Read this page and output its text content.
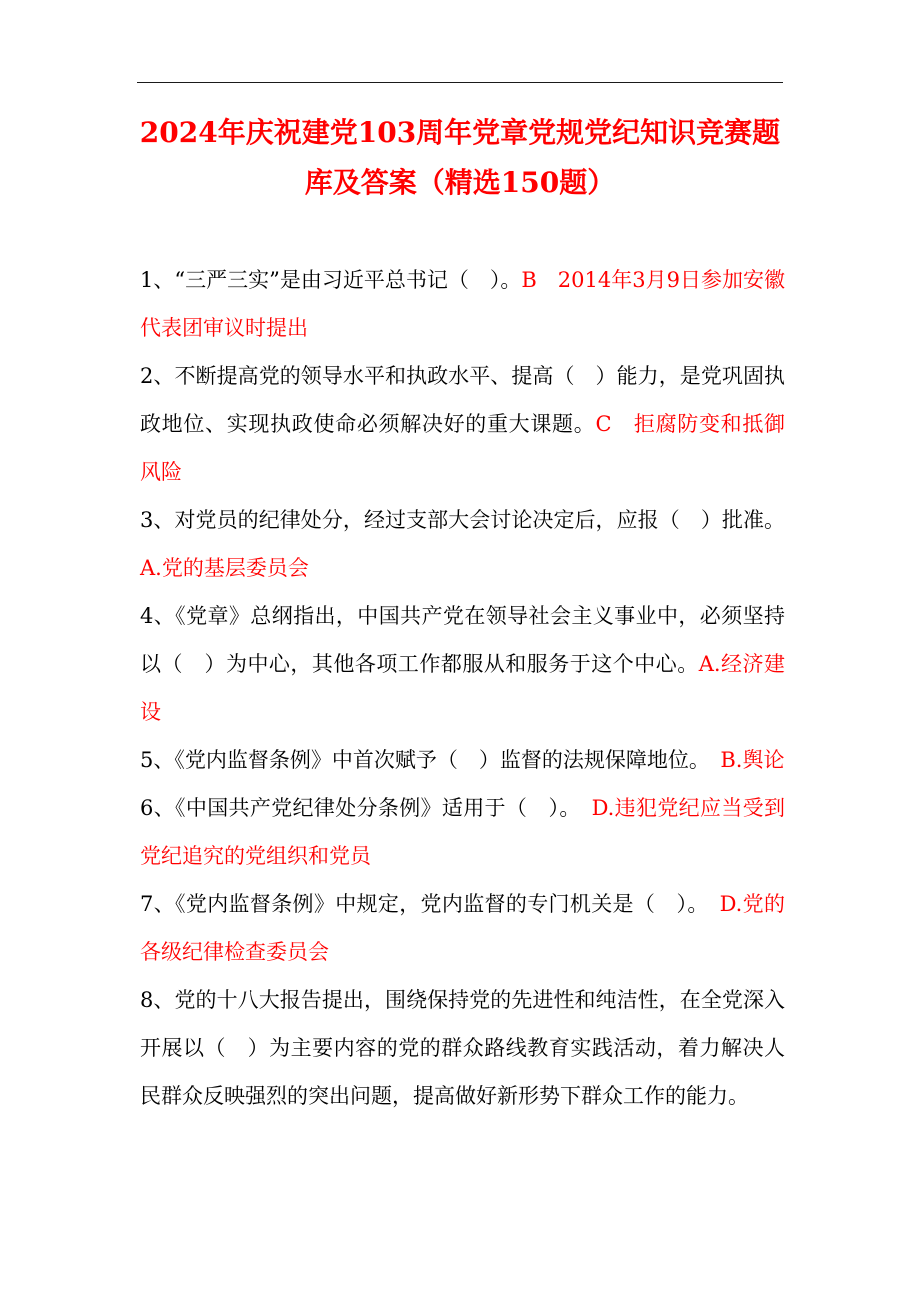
2024年庆祝建党103周年党章党规党纪知识竞赛题库及答案（精选150题）

1、“三严三实”是由习近平总书记（　）。B　2014年3月9日参加安徽代表团审议时提出

2、不断提高党的领导水平和执政水平、提高（　）能力，是党巩固执政地位、实现执政使命必须解决好的重大课题。C　拒腐防变和抵御风险

3、对党员的纪律处分，经过支部大会讨论决定后，应报（　）批准。A.党的基层委员会

4、《党章》总纲指出，中国共产党在领导社会主义事业中，必须坚持以（　）为中心，其他各项工作都服从和服务于这个中心。A.经济建设

5、《党内监督条例》中首次赋予（　）监督的法规保障地位。　B.舆论

6、《中国共产党纪律处分条例》适用于（　）。　D.违犯党纪应当受到党纪追究的党组织和党员

7、《党内监督条例》中规定，党内监督的专门机关是（　）。　D.党的各级纪律检查委员会

8、党的十八大报告提出，围绕保持党的先进性和纯洁性，在全党深入开展以（　）为主要内容的党的群众路线教育实践活动，着力解决人民群众反映强烈的突出问题，提高做好新形势下群众工作的能力。
